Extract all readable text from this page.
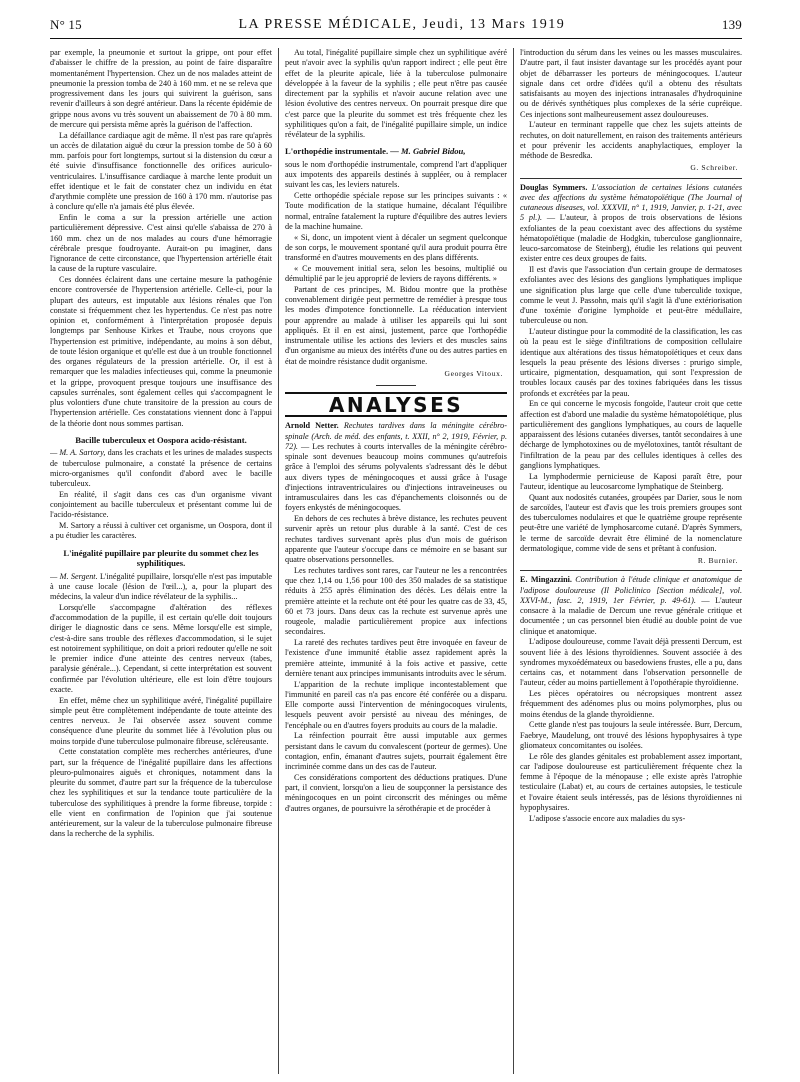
N° 15	LA PRESSE MÉDICALE, Jeudi, 13 Mars 1919	139

par exemple, la pneumonie et surtout la grippe, ont pour effet d'abaisser le chiffre de la pression, au point de faire disparaître momentanément l'hypertension. Chez un de nos malades atteint de pneumonie la pression tomba de 240 à 160 mm. et ne se releva que progressivement dans les jours qui suivirent la guérison, sans revenir d'ailleurs à son degré antérieur. Dans la récente épidémie de grippe nous avons vu très souvent un abaissement de 70 à 80 mm. de mercure qui persista même après la guérison de l'affection.

La défaillance cardiaque agit de même. Il n'est pas rare qu'après un accès de dilatation aiguë du cœur la pression tombe de 50 à 60 mm. parfois pour fort longtemps, surtout si la distension du cœur a été suivie d'insuffisance fonctionnelle des orifices auriculo-ventriculaires. L'insuffisance cardiaque à marche lente produit un effet identique et le fait de constater chez un individu en état d'arythmie complète une pression de 160 à 170 mm. n'autorise pas à conclure qu'elle n'a jamais été plus élevée.

Enfin le coma a sur la pression artérielle une action particulièrement dépressive. C'est ainsi qu'elle s'abaissa de 270 à 160 mm. chez un de nos malades au cours d'une hémorragie cérébrale presque foudroyante. Aurait-on pu imaginer, dans l'ignorance de cette circonstance, que l'hypertension artérielle était la cause de la rupture vasculaire.

Ces données éclairent dans une certaine mesure la pathogénie encore controversée de l'hypertension artérielle. Celle-ci, pour la plupart des auteurs, est imputable aux lésions rénales que l'on constate si fréquemment chez les hypertendus. Ce n'est pas notre opinion et, conformément à l'interprétation proposée depuis longtemps par Senhouse Kirkes et Traube, nous croyons que l'hypertension est primitive, indépendante, au moins à son début, de toute lésion organique et qu'elle est due à un trouble fonctionnel des organes régulateurs de la pression artérielle. Or, il est à remarquer que les maladies infectieuses qui, comme la pneumonie et la grippe, provoquent presque toujours une insuffisance des capsules surrénales, sont également celles qui s'accompagnent le plus volontiers d'une chute transitoire de la pression au cours de l'hypertension artérielle. Ces constatations viennent donc à l'appui de la théorie dont nous sommes partisan.

Bacille tuberculeux et Oospora acido-résistant.

— M. A. Sartory, dans les crachats et les urines de malades suspects de tuberculose pulmonaire, a constaté la présence de certains micro-organismes qu'il confondit d'abord avec le bacille tuberculeux.

En réalité, il s'agit dans ces cas d'un organisme vivant conjointement au bacille tuberculeux et présentant comme lui de l'acido-résistance.

M. Sartory a réussi à cultiver cet organisme, un Oospora, dont il a pu étudier les caractères.

L'inégalité pupillaire par pleurite du sommet chez les syphilitiques.

— M. Sergent. L'inégalité pupillaire, lorsqu'elle n'est pas imputable à une cause locale (lésion de l'œil...), a, pour la plupart des médecins, la valeur d'un indice révélateur de la syphilis...

Lorsqu'elle s'accompagne d'altération des réflexes d'accommodation de la pupille, il est certain qu'elle doit toujours diriger le diagnostic dans ce sens. Même lorsqu'elle est simple, c'est-à-dire sans trouble des réflexes d'accommodation, si le sujet est notoirement syphilitique, on doit a priori redouter qu'elle ne soit le premier indice d'une atteinte des centres nerveux (tabes, paralysie générale...). Cependant, si cette interprétation est souvent confirmée par l'évolution ultérieure, elle est loin d'être toujours exacte.

En effet, même chez un syphilitique avéré, l'inégalité pupillaire simple peut être complètement indépendante de toute atteinte des centres nerveux. Je l'ai observée assez souvent comme conséquence d'une pleurite du sommet liée à l'évolution plus ou moins torpide d'une tuberculose pulmonaire fibreuse, scléreusante.

Cette constatation complète mes recherches antérieures, d'une part, sur la fréquence de l'inégalité pupillaire dans les affections pleuro-pulmonaires aiguës et chroniques, notamment dans la pleurite du sommet, d'autre part sur la fréquence de la tuberculose chez les syphilitiques et sur la tendance toute particulière de la tuberculose des syphilitiques à prendre la forme fibreuse, torpide : elle vient en confirmation de l'opinion que j'ai soutenue antérieurement, sur la valeur de la tuberculose pulmonaire fibreuse dans la recherche de la syphilis.

Au total, l'inégalité pupillaire simple chez un syphilitique avéré peut n'avoir avec la syphilis qu'un rapport indirect ; elle peut être effet de la pleurite apicale, liée à la tuberculose pulmonaire développée à la faveur de la syphilis ; elle peut n'être pas causée directement par la syphilis et n'avoir aucune relation avec une lésion évolutive des centres nerveux. On pourrait presque dire que c'est parce que la pleurite du sommet est très fréquente chez les syphilitiques qu'on a fait, de l'inégalité pupillaire simple, un indice révélateur de la syphilis.

L'orthopédie instrumentale. — M. Gabriel Bidou,

sous le nom d'orthopédie instrumentale, comprend l'art d'appliquer aux impotents des appareils destinés à suppléer, ou à remplacer suivant les cas, les leviers naturels.

Cette orthopédie spéciale repose sur les principes suivants : « Toute modification de la statique humaine, décalant l'équilibre normal, entraîne fatalement la rupture d'équilibre des autres leviers de la machine humaine.

« Si, donc, un impotent vient à décaler un segment quelconque de son corps, le mouvement spontané qu'il aura produit pourra être transformé en d'autres mouvements en des plans différents.

« Ce mouvement initial sera, selon les besoins, multiplié ou démultiplié par le jeu approprié de leviers de rayons différents. »

Partant de ces principes, M. Bidou montre que la prothèse convenablement dirigée peut permettre de remédier à presque tous les modes d'impotence fonctionnelle. La rééducation intervient pour apprendre au malade à utiliser les appareils qui lui sont appliqués. Et il en est ainsi, justement, parce que l'orthopédie instrumentale utilise les actions des leviers et des muscles sains d'un organisme au mieux des intérêts d'une ou des autres parties en état de moindre résistance dudit organisme.

Georges Vitoux.
ANALYSES

Arnold Netter. Rechutes tardives dans la méningite cérébro-spinale (Arch. de méd. des enfants, t. XXII, n° 2, 1919, Février, p. 72). — Les rechutes à courts intervalles de la méningite cérébro-spinale sont devenues beaucoup moins communes qu'autrefois grâce à l'emploi des sérums polyvalents s'adressant dès le début aux divers types de méningocoques et aussi grâce à l'usage d'injections intraventriculaires ou d'injections intraveineuses ou intramusculaires dans les cas d'épanchements cloisonnés ou de foyers enkystés de méningocoques.

En dehors de ces rechutes à brève distance, les rechutes peuvent survenir après un retour plus durable à la santé. C'est de ces rechutes tardives survenant après plus d'un mois de guérison apparente que l'auteur s'occupe dans ce mémoire en se basant sur quatre observations personnelles.

Les rechutes tardives sont rares, car l'auteur ne les a rencontrées que chez 1,14 ou 1,56 pour 100 des 350 malades de sa statistique réduits à 255 après élimination des décès. Les délais entre la première atteinte et la rechute ont été pour les quatre cas de 33, 45, 60 et 73 jours. Dans deux cas la rechute est survenue après une rougeole, maladie particulièrement propice aux infections secondaires.

La rareté des rechutes tardives peut être invoquée en faveur de l'existence d'une immunité établie assez rapidement après la première atteinte, immunité à la fois active et passive, cette dernière tenant aux principes immunisants introduits avec le sérum.

L'apparition de la rechute implique incontestablement que l'immunité en pareil cas n'a pas encore été conférée ou a disparu. Elle comporte aussi l'intervention de méningocoques virulents, lesquels peuvent avoir persisté au niveau des méninges, de l'encéphale ou en d'autres foyers produits au cours de la maladie.

La réinfection pourrait être aussi imputable aux germes persistant dans le cavum du convalescent (porteur de germes). Une contagion, enfin, émanant d'autres sujets, pourrait également être incriminée comme dans un des cas de l'auteur.

Ces considérations comportent des déductions pratiques. D'une part, il convient, lorsqu'on a lieu de soupçonner la persistance des méningocoques en un point circonscrit des méninges ou même d'autres organes, de poursuivre la sérothérapie et de procéder à

l'introduction du sérum dans les veines ou les masses musculaires. D'autre part, il faut insister davantage sur les procédés ayant pour objet de débarrasser les porteurs de méningocoques. L'auteur signale dans cet ordre d'idées qu'il a obtenu des résultats satisfaisants au moyen des injections intranasales d'hydroquinine ou de dérivés synthétiques plus complexes de la série cupréique. Ces injections sont malheureusement assez douloureuses.

L'auteur en terminant rappelle que chez les sujets atteints de rechutes, on doit naturellement, en raison des traitements antérieurs et pour prévenir les accidents anaphylactiques, employer la méthode de Besredka.

G. Schreiber.

Douglas Symmers. L'association de certaines lésions cutanées avec des affections du système hématopoïétique (The Journal of cutaneous diseases, vol. XXXVII, n° 1, 1919, Janvier, p. 1-21, avec 5 pl.). — L'auteur, à propos de trois observations de lésions exfoliantes de la peau coexistant avec des affections du système hématopoïétique (maladie de Hodgkin, tuberculose ganglionnaire, leuco-sarcomatose de Steinberg), étudie les relations qui peuvent exister entre ces deux groupes de faits.

Il est d'avis que l'association d'un certain groupe de dermatoses exfoliantes avec des lésions des ganglions lymphatiques implique une signification plus large que celle d'une tuberculide toxique, comme le veut J. Passohn, mais qu'il s'agit là d'une extériorisation d'une toxémie d'origine lymphoïde et peut-être médullaire, tuberculeuse ou non.

L'auteur distingue pour la commodité de la classification, les cas où la peau est le siège d'infiltrations de composition cellulaire identique aux altérations des tissus hématopoïétiques et ceux dans lesquels la peau présente des lésions diverses : prurigo simple, urticaire, pigmentation, desquamation, qui sont l'expression de troubles locaux causés par des toxines fabriquées dans les tissus profonds et excrétées par la peau.

En ce qui concerne le mycosis fongoïde, l'auteur croit que cette affection est d'abord une maladie du système hématopoïétique, plus particulièrement des ganglions lymphatiques, au cours de laquelle apparaissent des lésions cutanées diverses, tantôt secondaires à une décharge de lymphotoxines ou de myélotoxines, tantôt résultant de l'infiltration de la peau par des cellules identiques à celles des ganglions lymphatiques.

La lymphodermie pernicieuse de Kaposi paraît être, pour l'auteur, identique au leucosarcome lymphatique de Steinberg.

Quant aux nodosités cutanées, groupées par Darier, sous le nom de sarcoïdes, l'auteur est d'avis que les trois premiers groupes sont des tuberculomes nodulaires et que le quatrième groupe représente peut-être une variété de lymphosarcome cutané. D'après Symmers, le terme de sarcoïde devrait être éliminé de la nomenclature dermatologique, comme vide de sens et prêtant à confusion.

R. Burnier.

E. Mingazzini. Contribution à l'étude clinique et anatomique de l'adipose douloureuse (Il Policlinico [Section médicale], vol. XXVI-M., fasc. 2, 1919, 1er Février, p. 49-61). — L'auteur consacre à la maladie de Dercum une revue générale critique et documentée ; un cas personnel bien étudié au double point de vue clinique et anatomique.

L'adipose douloureuse, comme l'avait déjà pressenti Dercum, est souvent liée à des lésions thyroïdiennes. Souvent associée à des syndromes myxoédémateux ou basedowiens frustes, elle a pu, dans certains cas, et notamment dans l'observation personnelle de l'auteur, céder au moins partiellement à l'opothérapie thyroïdienne.

Les pièces opératoires ou nécropsiques montrent assez fréquemment des adénomes plus ou moins polymorphes, plus ou moins étendus de la glande thyroïdienne.

Cette glande n'est pas toujours la seule intéressée. Burr, Dercum, Faebrye, Maudelung, ont trouvé des lésions hypophysaires à type gliomateux concomitantes ou isolées.

Le rôle des glandes génitales est probablement assez important, car l'adipose douloureuse est particulièrement fréquente chez la femme à l'époque de la ménopause ; elle existe après l'atrophie testiculaire (Labat) et, au cours de certaines autopsies, le testicule et l'ovaire étaient seuls intéressés, pas de lésions thyroïdiennes ni hypophysaires.

L'adipose s'associe encore aux maladies du sys-
